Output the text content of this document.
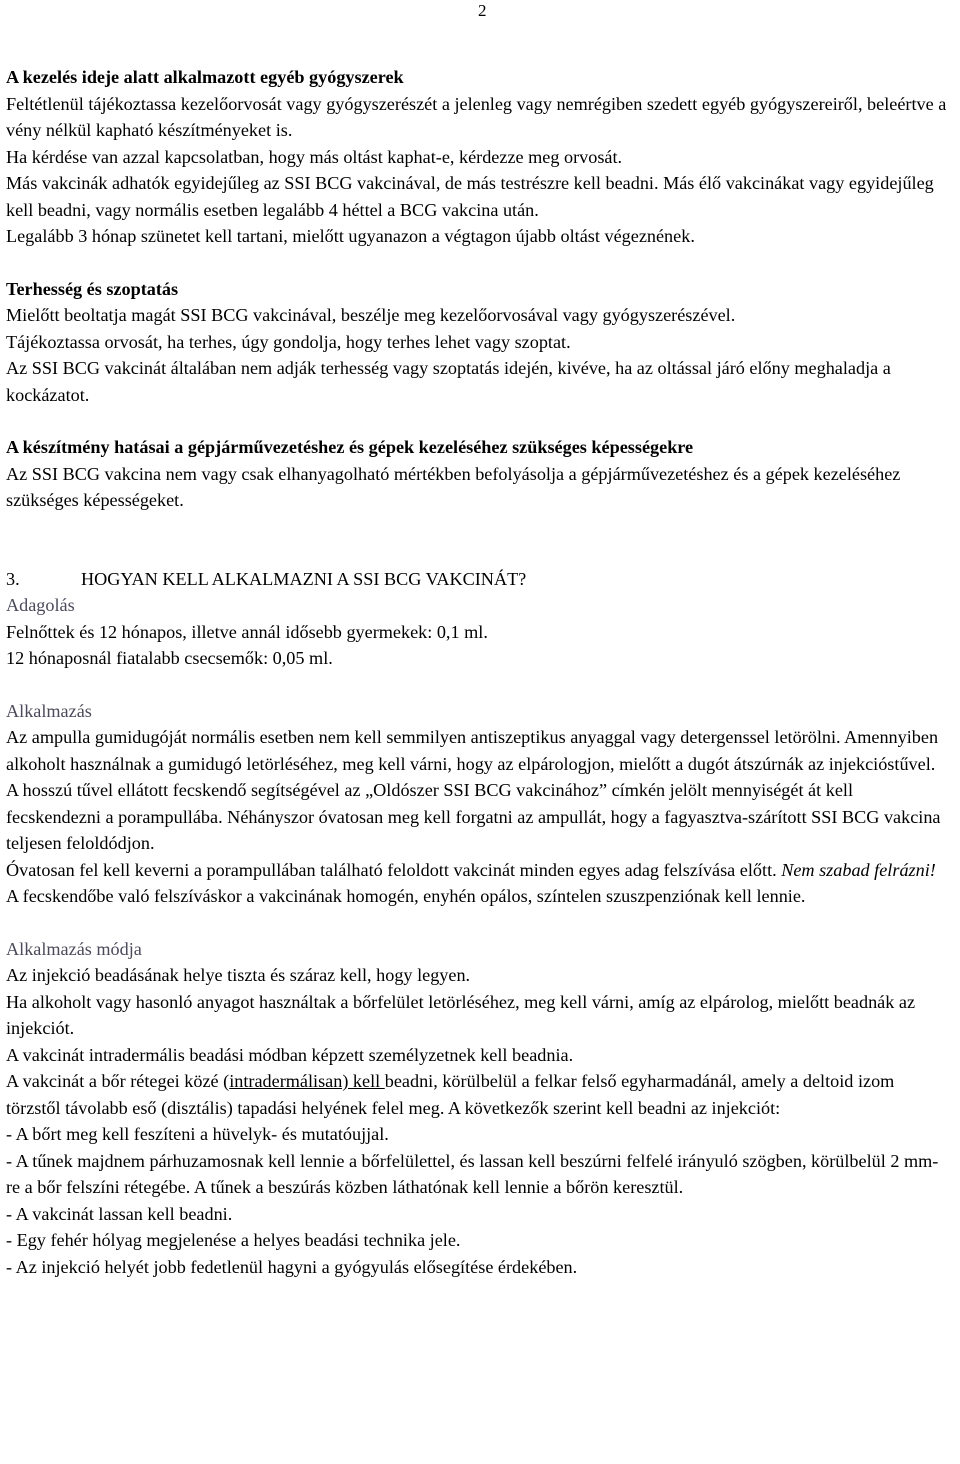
2

A kezelés ideje alatt alkalmazott egyéb gyógyszerek

Feltétlenül tájékoztassa kezelőorvosát vagy gyógyszerészét a jelenleg vagy nemrégiben szedett egyéb gyógyszereiről, beleértve a vény nélkül kapható készítményeket is.

Ha kérdése van azzal kapcsolatban, hogy más oltást kaphat-e, kérdezze meg orvosát.

Más vakcinák adhatók egyidejűleg az SSI BCG vakcinával, de más testrészre kell beadni. Más élő vakcinákat vagy egyidejűleg kell beadni, vagy normális esetben legalább 4 héttel a BCG vakcina után.

Legalább 3 hónap szünetet kell tartani, mielőtt ugyanazon a végtagon újabb oltást végeznének.

Terhesség és szoptatás

Mielőtt beoltatja magát SSI BCG vakcinával, beszélje meg kezelőorvosával vagy gyógyszerészével.

Tájékoztassa orvosát, ha terhes, úgy gondolja, hogy terhes lehet vagy szoptat.

Az SSI BCG vakcinát általában nem adják terhesség vagy szoptatás idején, kivéve, ha az oltással járó előny meghaladja a kockázatot.

A készítmény hatásai a gépjárművezetéshez és gépek kezeléséhez szükséges képességekre

Az SSI BCG vakcina nem vagy csak elhanyagolható mértékben befolyásolja a gépjárművezetéshez és a gépek kezeléséhez szükséges képességeket.

3.	HOGYAN KELL ALKALMAZNI A SSI BCG VAKCINÁT?

Adagolás

Felnőttek és 12 hónapos, illetve annál idősebb gyermekek: 0,1 ml.

12 hónaposnál fiatalabb csecsemők: 0,05 ml.

Alkalmazás

Az ampulla gumidugóját normális esetben nem kell semmilyen antiszeptikus anyaggal vagy detergenssel letörölni. Amennyiben alkoholt használnak a gumidugó letörléséhez, meg kell várni, hogy az elpárologjon, mielőtt a dugót átszúrnák az injekcióstűvel.

A hosszú tűvel ellátott fecskendő segítségével az „Oldószer SSI BCG vakcinához” címkén jelölt mennyiségét át kell fecskendezni a porampullába. Néhányszor óvatosan meg kell forgatni az ampullát, hogy a fagyasztva-szárított SSI BCG vakcina teljesen feloldódjon.

Óvatosan fel kell keverni a porampullában található feloldott vakcinát minden egyes adag felszívása előtt. Nem szabad felrázni!

A fecskendőbe való felszíváskor a vakcinának homogén, enyhén opálos, színtelen szuszpenziónak kell lennie.

Alkalmazás módja

Az injekció beadásának helye tiszta és száraz kell, hogy legyen.

Ha alkoholt vagy hasonló anyagot használtak a bőrfelület letörléséhez, meg kell várni, amíg az elpárolog, mielőtt beadnák az injekciót.

A vakcinát intradermális beadási módban képzett személyzetnek kell beadnia.

A vakcinát a bőr rétegei közé (intradermálisan) kell beadni, körülbelül a felkar felső egyharmadánál, amely a deltoid izom törzstől távolabb eső (disztális) tapadási helyének felel meg. A következők szerint kell beadni az injekciót:

- A bőrt meg kell feszíteni a hüvelyk- és mutatóujjal.

- A tűnek majdnem párhuzamosnak kell lennie a bőrfelülettel, és lassan kell beszúrni felfelé irányuló szögben, körülbelül 2 mm-re a bőr felszíni rétegébe. A tűnek a beszúrás közben láthatónak kell lennie a bőrön keresztül.

- A vakcinát lassan kell beadni.

- Egy fehér hólyag megjelenése a helyes beadási technika jele.

- Az injekció helyét jobb fedetlenül hagyni a gyógyulás elősegítése érdekében.
